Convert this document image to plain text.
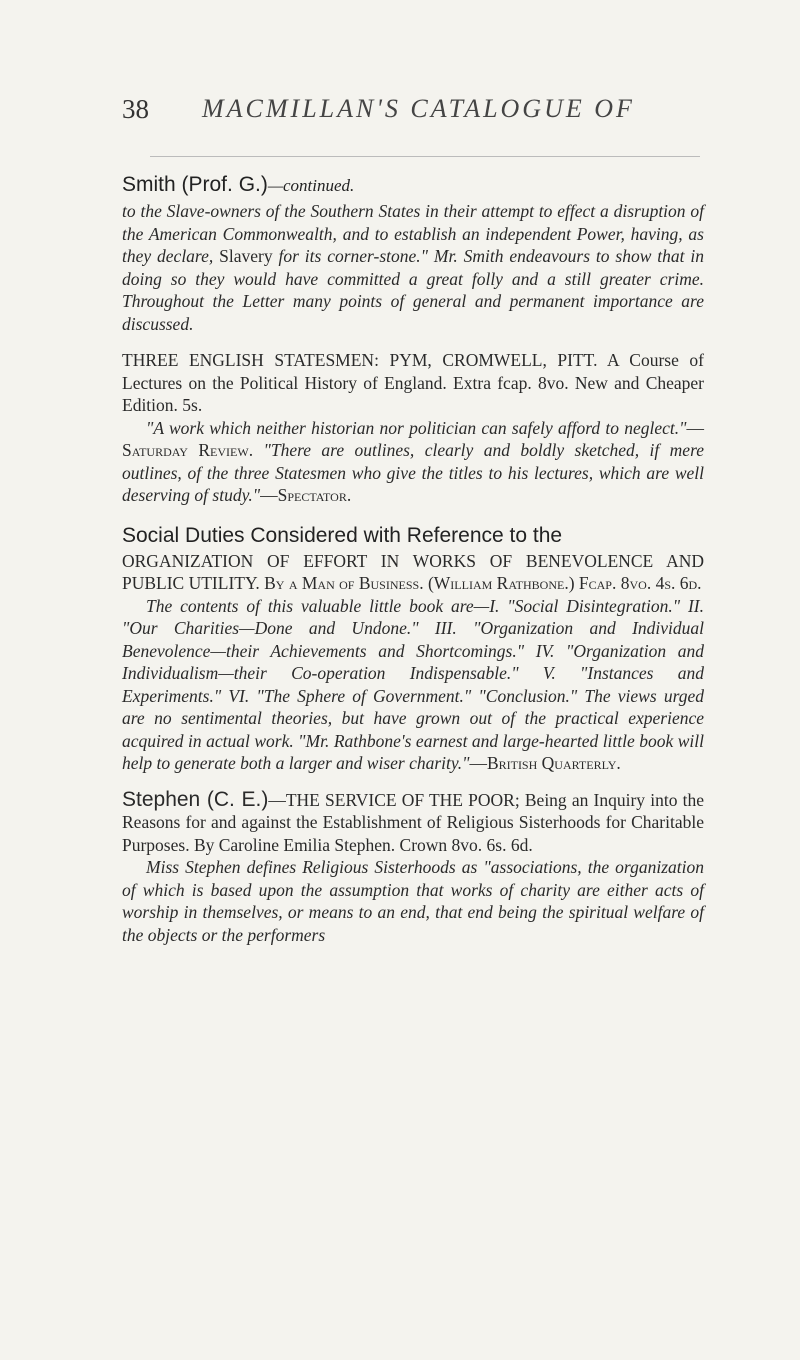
38 MACMILLAN'S CATALOGUE OF
Smith (Prof. G.)—continued.

to the Slave-owners of the Southern States in their attempt to effect a disruption of the American Commonwealth, and to establish an independent Power, having, as they declare, Slavery for its corner-stone." Mr. Smith endeavours to show that in doing so they would have committed a great folly and a still greater crime. Throughout the Letter many points of general and permanent importance are discussed.

THREE ENGLISH STATESMEN: PYM, CROMWELL, PITT. A Course of Lectures on the Political History of England. Extra fcap. 8vo. New and Cheaper Edition. 5s.

"A work which neither historian nor politician can safely afford to neglect."—Saturday Review. "There are outlines, clearly and boldly sketched, if mere outlines, of the three Statesmen who give the titles to his lectures, which are well deserving of study."—Spectator.

Social Duties Considered with Reference to the

ORGANIZATION OF EFFORT IN WORKS OF BENEVOLENCE AND PUBLIC UTILITY. By a Man of Business. (William Rathbone.) Fcap. 8vo. 4s. 6d.

The contents of this valuable little book are—I. "Social Disintegration." II. "Our Charities—Done and Undone." III. "Organization and Individual Benevolence—their Achievements and Shortcomings." IV. "Organization and Individualism—their Co-operation Indispensable." V. "Instances and Experiments." VI. "The Sphere of Government." "Conclusion." The views urged are no sentimental theories, but have grown out of the practical experience acquired in actual work. "Mr. Rathbone's earnest and large-hearted little book will help to generate both a larger and wiser charity."—British Quarterly.

Stephen (C. E.)—THE SERVICE OF THE POOR; Being an Inquiry into the Reasons for and against the Establishment of Religious Sisterhoods for Charitable Purposes. By Caroline Emilia Stephen. Crown 8vo. 6s. 6d.

Miss Stephen defines Religious Sisterhoods as "associations, the organization of which is based upon the assumption that works of charity are either acts of worship in themselves, or means to an end, that end being the spiritual welfare of the objects or the performers
